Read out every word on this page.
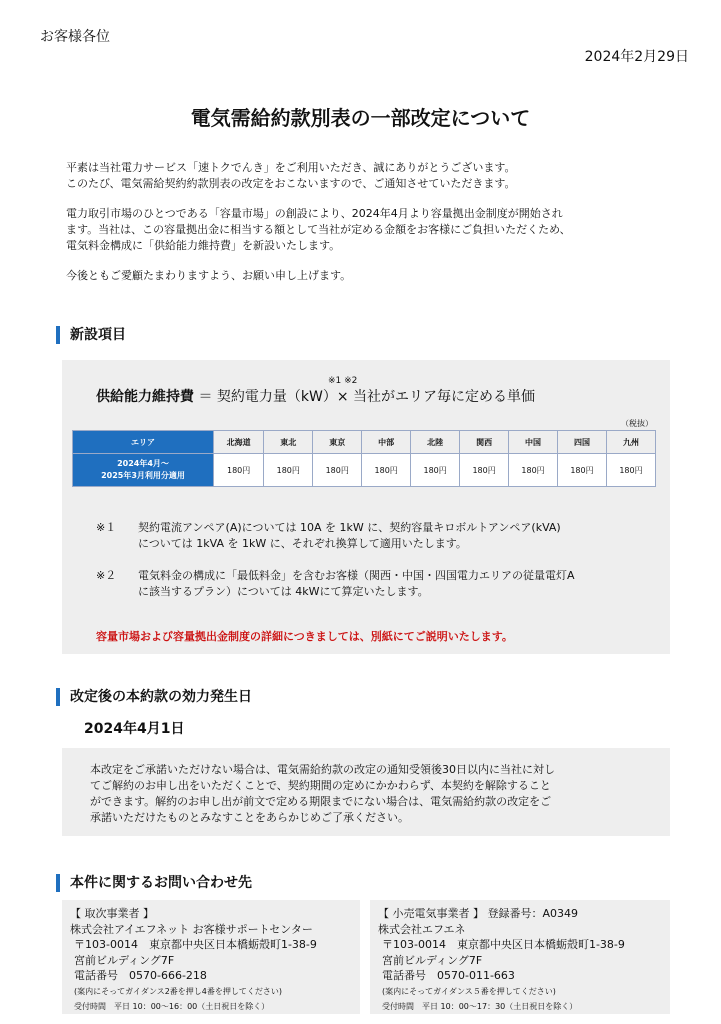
お客様各位
2024年2月29日
電気需給約款別表の一部改定について

平素は当社電力サービス「速トクでんき」をご利用いただき、誠にありがとうございます。
このたび、電気需給契約約款別表の改定をおこないますので、ご通知させていただきます。

電力取引市場のひとつである「容量市場」の創設により、2024年4月より容量拠出金制度が開始され
ます。当社は、この容量拠出金に相当する額として当社が定める金額をお客様にご負担いただくため、
電気料金構成に「供給能力維持費」を新設いたします。

今後ともご愛顧たまわりますよう、お願い申し上げます。

新設項目
※1 ※2
供給能力維持費 ＝ 契約電力量（kW）× 当社がエリア毎に定める単価
（税抜）
エリア	北海道	東北	東京	中部	北陸	関西	中国	四国	九州
2024年4月～
2025年3月利用分適用	180円	180円	180円	180円	180円	180円	180円	180円	180円
※１ 契約電流アンペア(A)については 10A を 1kW に、契約容量キロボルトアンペア(kVA)
については 1kVA を 1kW に、それぞれ換算して適用いたします。
※２ 電気料金の構成に「最低料金」を含むお客様（関西・中国・四国電力エリアの従量電灯A
に該当するプラン）については 4kWにて算定いたします。
容量市場および容量拠出金制度の詳細につきましては、別紙にてご説明いたします。
改定後の本約款の効力発生日
2024年4月1日
本改定をご承諾いただけない場合は、電気需給約款の改定の通知受領後30日以内に当社に対し
てご解約のお申し出をいただくことで、契約期間の定めにかかわらず、本契約を解除すること
ができます。解約のお申し出が前文で定める期限までにない場合は、電気需給約款の改定をご
承諾いただけたものとみなすことをあらかじめご了承ください。
本件に関するお問い合わせ先
【 取次事業者 】
株式会社アイエフネット お客様サポートセンター
〒103-0014　東京都中央区日本橋蛎殻町1-38-9
宮前ビルディング7F
電話番号　0570-666-218
(案内にそってガイダンス2番を押し4番を押してください)
受付時間　平日 10：00～16：00（土日祝日を除く）
【 小売電気事業者 】 登録番号：A0349
株式会社エフエネ
〒103-0014　東京都中央区日本橋蛎殻町1-38-9
宮前ビルディング7F
電話番号　0570-011-663
(案内にそってガイダンス５番を押してください)
受付時間　平日 10：00～17：30（土日祝日を除く）
